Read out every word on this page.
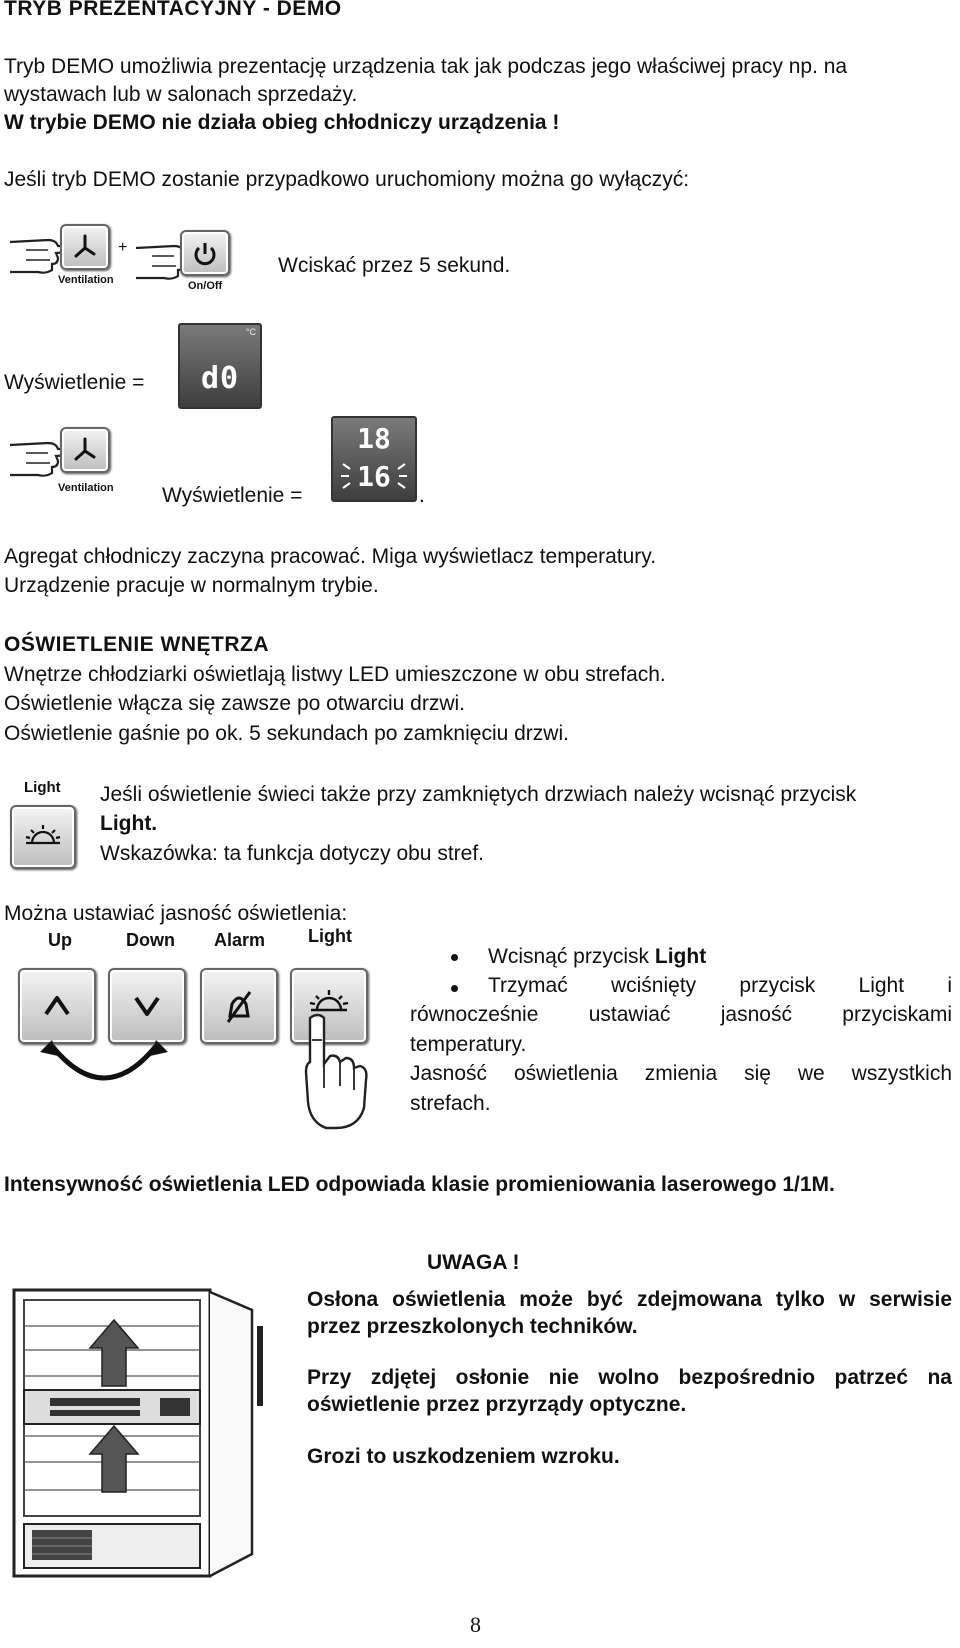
TRYB PREZENTACYJNY - DEMO
Tryb DEMO umożliwia prezentację urządzenia tak jak podczas jego właściwej pracy np. na
wystawach lub w salonach sprzedaży.
W trybie DEMO nie działa obieg chłodniczy urządzenia !
Jeśli tryb DEMO zostanie przypadkowo uruchomiony można go wyłączyć:
Ventilation
+
On/Off
Wciskać przez 5 sekund.
Wyświetlenie =
°C
d0
Ventilation Wyświetlenie =
18
16
.
Agregat chłodniczy zaczyna pracować. Miga wyświetlacz temperatury.
Urządzenie pracuje w normalnym trybie.
OŚWIETLENIE WNĘTRZA
Wnętrze chłodziarki oświetlają listwy LED umieszczone w obu strefach.
Oświetlenie włącza się zawsze po otwarciu drzwi.
Oświetlenie gaśnie po ok. 5 sekundach po zamknięciu drzwi.
Light Jeśli oświetlenie świeci także przy zamkniętych drzwiach należy wcisnąć przycisk
Light.
Wskazówka: ta funkcja dotyczy obu stref.
Można ustawiać jasność oświetlenia:
Up	Down Alarm Light
Wcisnąć przycisk Light
Trzymać wciśnięty przycisk Light i
równocześnie ustawiać jasność przyciskami
temperatury.
Jasność oświetlenia zmienia się we wszystkich
strefach.
Intensywność oświetlenia LED odpowiada klasie promieniowania laserowego 1/1M.
UWAGA !
Osłona oświetlenia może być zdejmowana tylko w serwisie
przez przeszkolonych techników.
Przy zdjętej osłonie nie wolno bezpośrednio patrzeć na
oświetlenie przez przyrządy optyczne.
Grozi to uszkodzeniem wzroku.
8
